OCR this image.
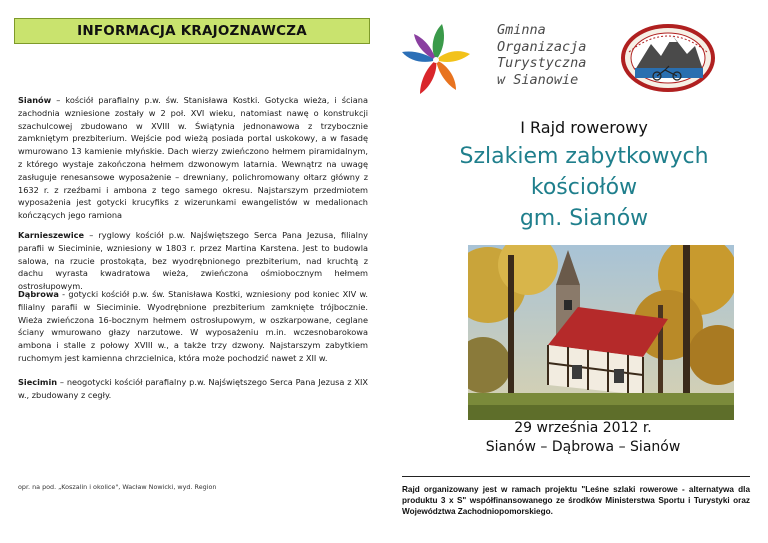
INFORMACJA KRAJOZNAWCZA

Sianów – kościół parafialny p.w. św. Stanisława Kostki. Gotycka wieża, i ściana zachodnia wzniesione zostały w 2 poł. XVI wieku, natomiast nawę o konstrukcji szachulcowej zbudowano w XVIII w. Świątynia jednonawowa z trzybocznie zamkniętym prezbiterium. Wejście pod wieżą posiada portal uskokowy, a w fasadę wmurowano 13 kamienie młyńskie. Dach wierzy zwieńczono hełmem piramidalnym, z którego wystaje zakończona hełmem dzwonowym latarnia. Wewnątrz na uwagę zasługuje renesansowe wyposażenie – drewniany, polichromowany ołtarz główny z 1632 r. z rzeźbami i ambona z tego samego okresu. Najstarszym przedmiotem wyposażenia jest gotycki krucyfiks z wizerunkami ewangelistów w medalionach kończących jego ramiona

Karnieszewice – ryglowy kościół p.w. Najświętszego Serca Pana Jezusa, filialny parafii w Sieciminie, wzniesiony w 1803 r. przez Martina Karstena. Jest to budowla salowa, na rzucie prostokąta, bez wyodrębnionego prezbiterium, nad kruchtą z dachu wyrasta kwadratowa wieża, zwieńczona ośmiobocznym hełmem ostrosłupowym.

Dąbrowa - gotycki kościół p.w. św. Stanisława Kostki, wzniesiony pod koniec XIV w. filialny parafii w Sieciminie. Wyodrębnione prezbiterium zamknięte trójbocznie. Wieża zwieńczona 16-bocznym hełmem ostrosłupowym, w oszkarpowane, ceglane ściany wmurowano głazy narzutowe. W wyposażeniu m.in. wczesnobarokowa ambona i stalle z połowy XVIII w., a także trzy dzwony. Najstarszym zabytkiem ruchomym jest kamienna chrzcielnica, która może pochodzić nawet z XII w.

Siecimin – neogotycki kościół parafialny p.w. Najświętszego Serca Pana Jezusa z XIX w., zbudowany z cegły.

opr. na pod. „Koszalin i okolice", Wacław Nowicki, wyd. Region
Gminna
Organizacja
Turystyczna
w Sianowie
I Rajd rowerowy
Szlakiem zabytkowych
kościołów
gm. Sianów
29 września 2012 r.
Sianów – Dąbrowa – Sianów
Rajd organizowany jest w ramach projektu "Leśne szlaki rowerowe - alternatywa dla produktu 3 x S" współfinansowanego ze środków Ministerstwa Sportu i Turystyki oraz Województwa Zachodniopomorskiego.
